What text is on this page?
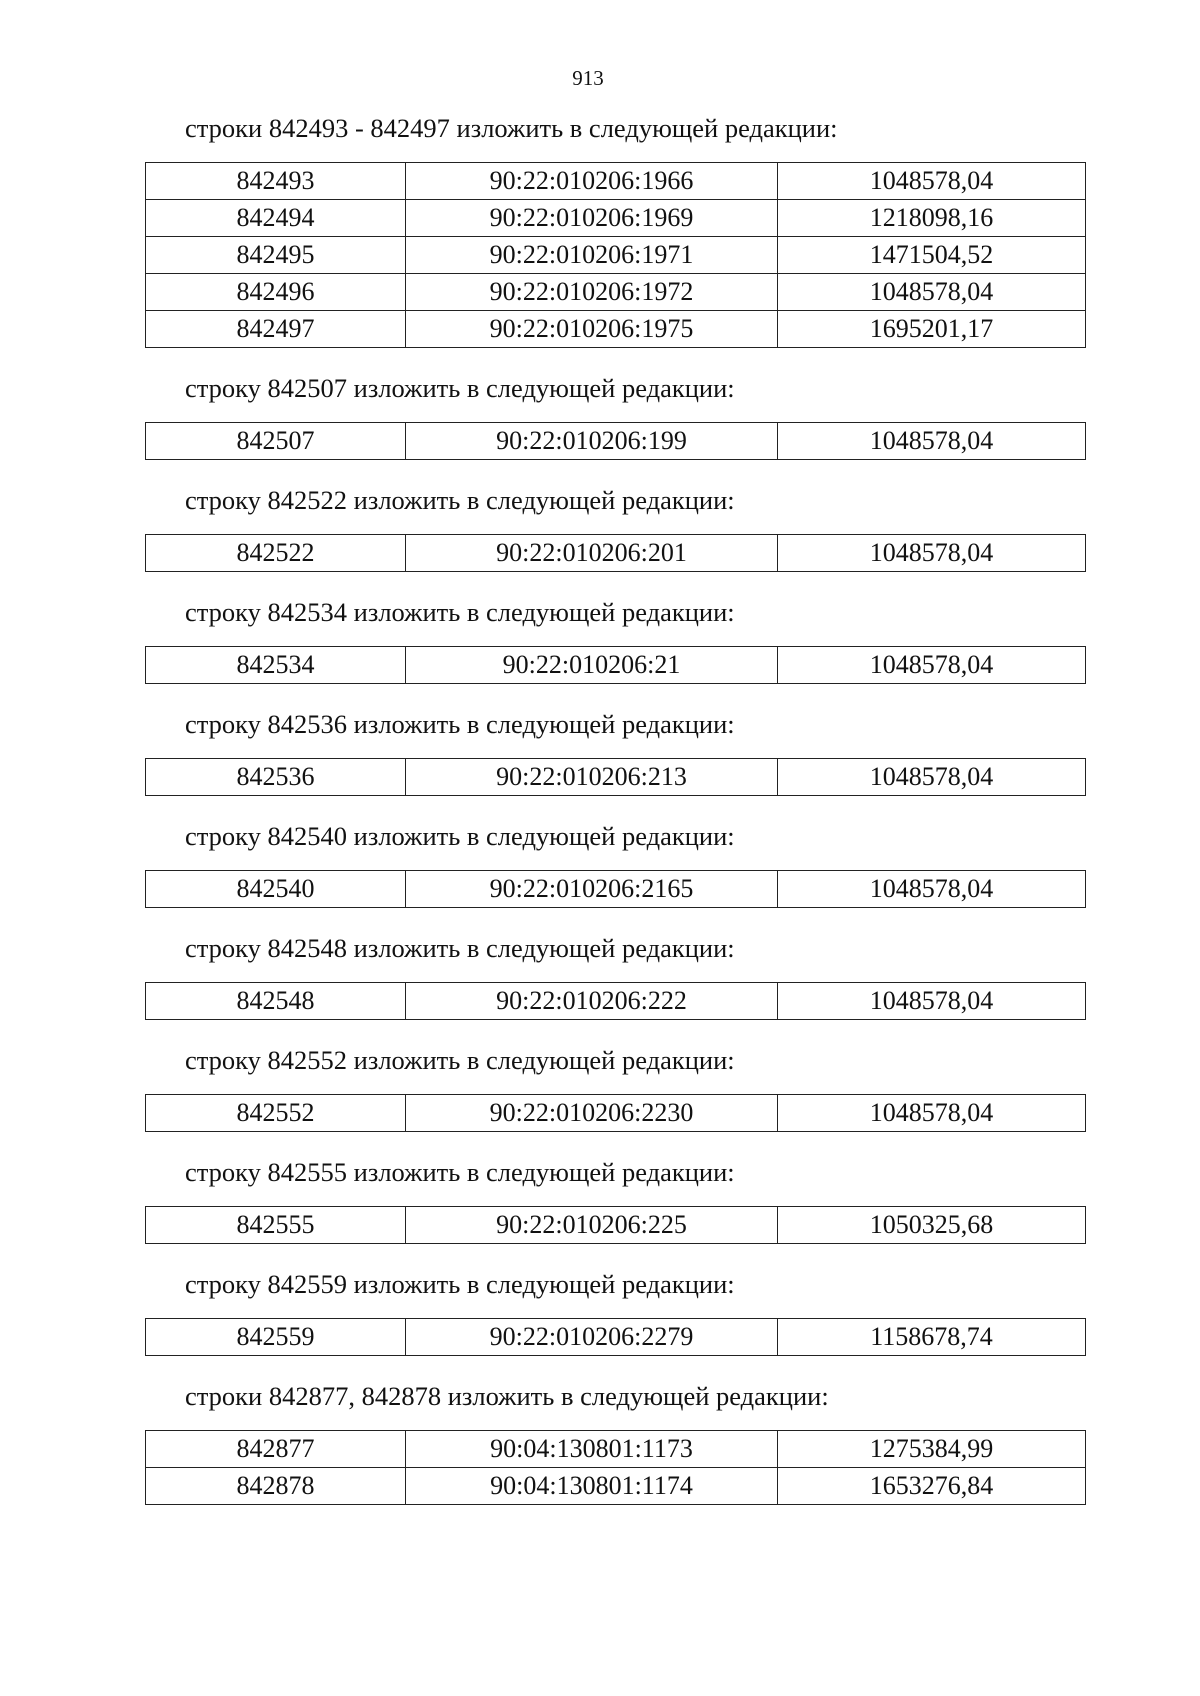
913
строки 842493 - 842497 изложить в следующей редакции:
842493	90:22:010206:1966	1048578,04
842494	90:22:010206:1969	1218098,16
842495	90:22:010206:1971	1471504,52
842496	90:22:010206:1972	1048578,04
842497	90:22:010206:1975	1695201,17
строку 842507 изложить в следующей редакции:
842507	90:22:010206:199	1048578,04
строку 842522 изложить в следующей редакции:
842522	90:22:010206:201	1048578,04
строку 842534 изложить в следующей редакции:
842534	90:22:010206:21	1048578,04
строку 842536 изложить в следующей редакции:
842536	90:22:010206:213	1048578,04
строку 842540 изложить в следующей редакции:
842540	90:22:010206:2165	1048578,04
строку 842548 изложить в следующей редакции:
842548	90:22:010206:222	1048578,04
строку 842552 изложить в следующей редакции:
842552	90:22:010206:2230	1048578,04
строку 842555 изложить в следующей редакции:
842555	90:22:010206:225	1050325,68
строку 842559 изложить в следующей редакции:
842559	90:22:010206:2279	1158678,74
строки 842877, 842878 изложить в следующей редакции:
842877	90:04:130801:1173	1275384,99
842878	90:04:130801:1174	1653276,84
